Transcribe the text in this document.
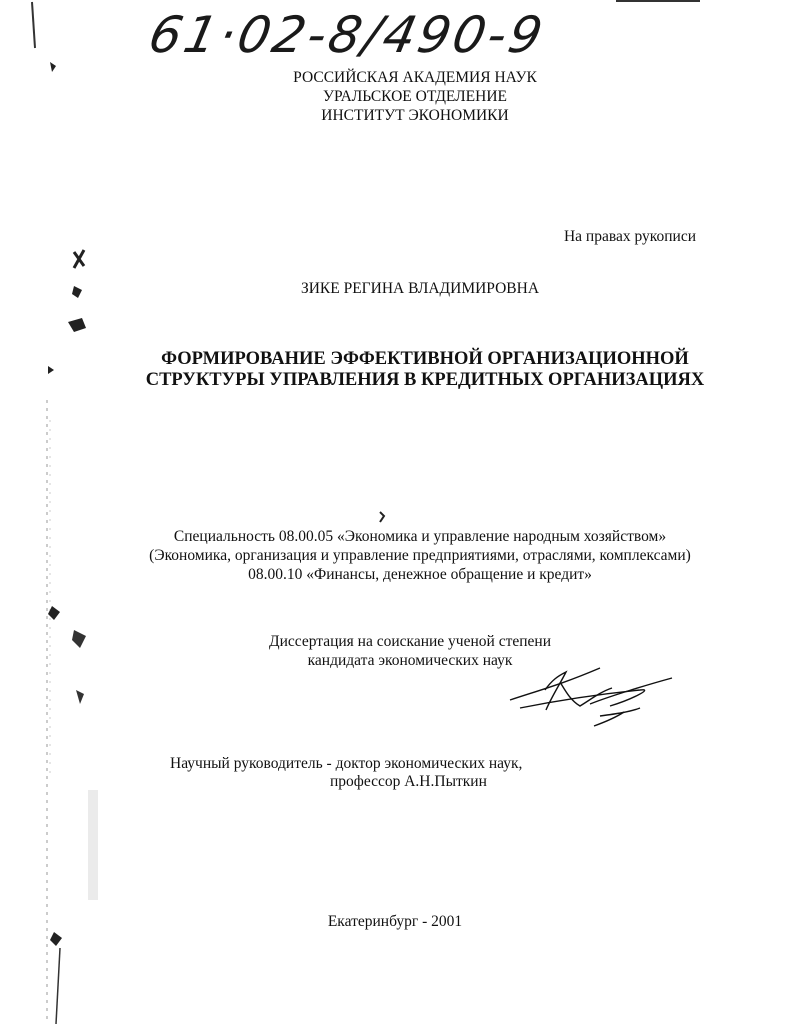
61·02-8/490-9
РОССИЙСКАЯ АКАДЕМИЯ НАУК
УРАЛЬСКОЕ ОТДЕЛЕНИЕ
ИНСТИТУТ ЭКОНОМИКИ
На правах рукописи
ЗИКЕ РЕГИНА ВЛАДИМИРОВНА
ФОРМИРОВАНИЕ ЭФФЕКТИВНОЙ ОРГАНИЗАЦИОННОЙ
СТРУКТУРЫ УПРАВЛЕНИЯ В КРЕДИТНЫХ ОРГАНИЗАЦИЯХ
Специальность 08.00.05 «Экономика и управление народным хозяйством»
(Экономика, организация и управление предприятиями, отраслями, комплексами)
08.00.10 «Финансы, денежное обращение и кредит»
Диссертация на соискание ученой степени
кандидата экономических наук
Научный руководитель - доктор экономических наук,
профессор А.Н.Пыткин
Екатеринбург - 2001
